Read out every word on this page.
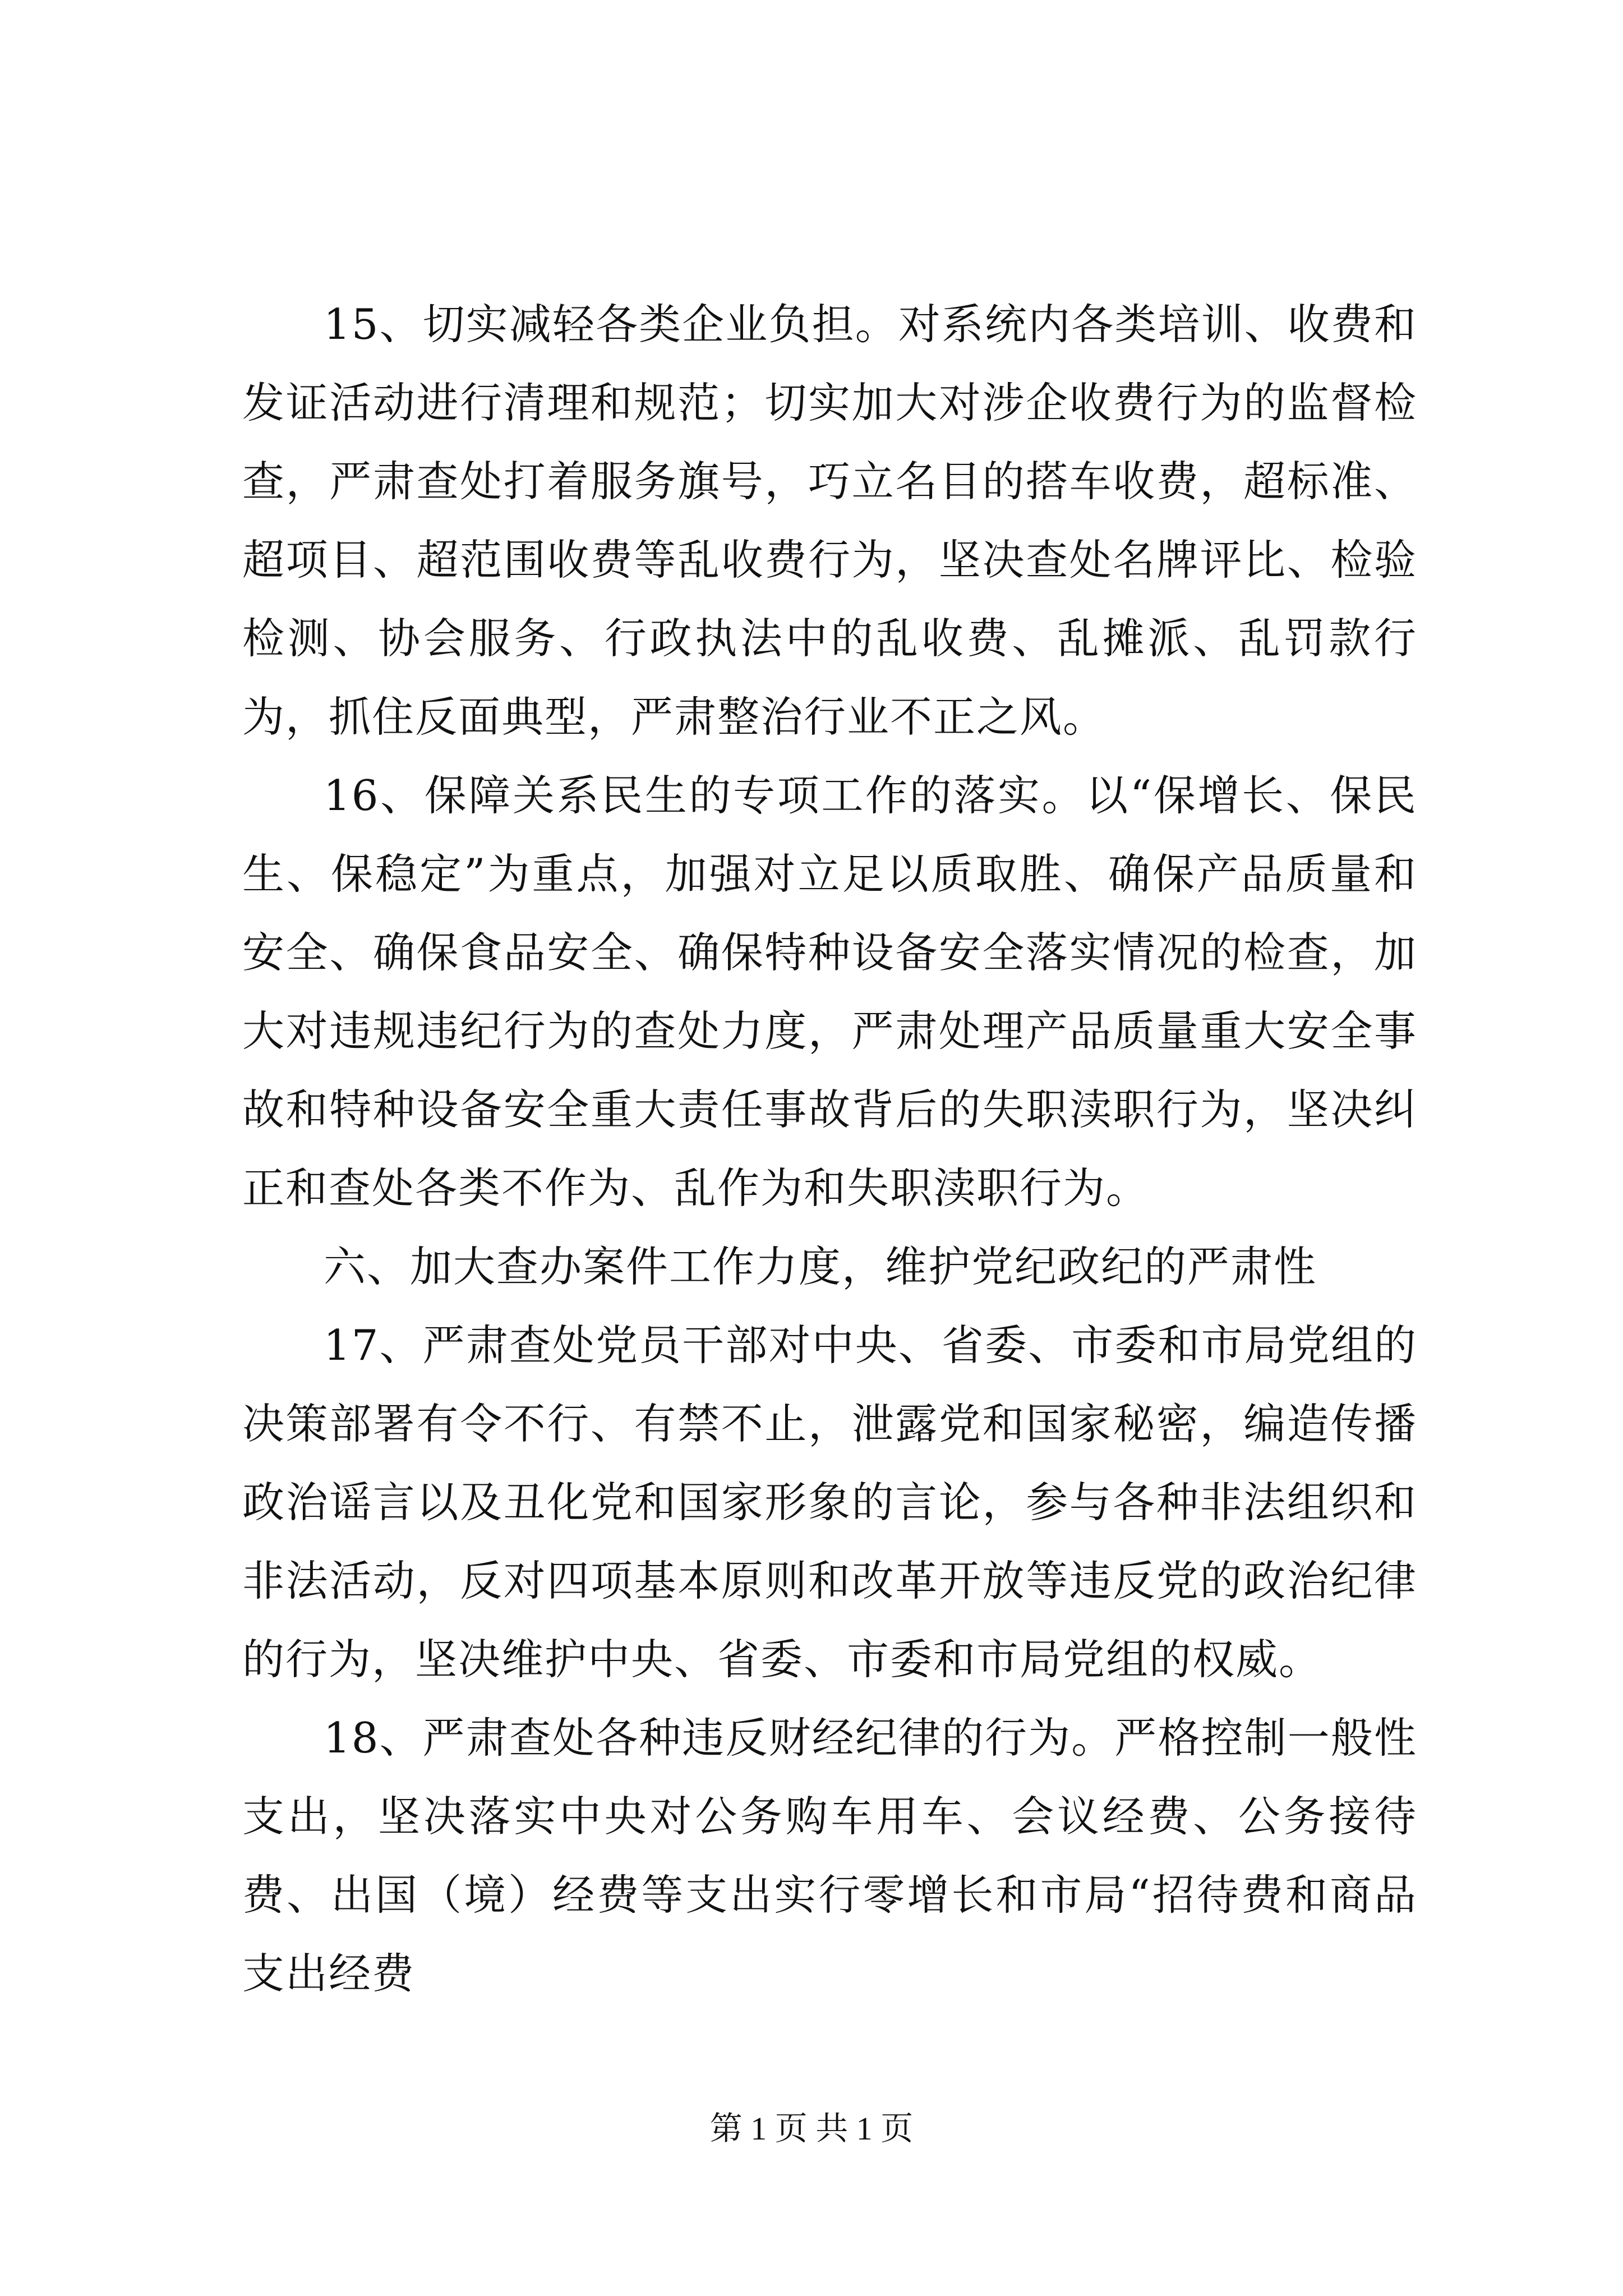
15、切实减轻各类企业负担。对系统内各类培训、收费和发证活动进行清理和规范；切实加大对涉企收费行为的监督检查，严肃查处打着服务旗号，巧立名目的搭车收费，超标准、超项目、超范围收费等乱收费行为，坚决查处名牌评比、检验检测、协会服务、行政执法中的乱收费、乱摊派、乱罚款行为，抓住反面典型，严肃整治行业不正之风。

16、保障关系民生的专项工作的落实。以“保增长、保民生、保稳定”为重点，加强对立足以质取胜、确保产品质量和安全、确保食品安全、确保特种设备安全落实情况的检查，加大对违规违纪行为的查处力度，严肃处理产品质量重大安全事故和特种设备安全重大责任事故背后的失职渎职行为，坚决纠正和查处各类不作为、乱作为和失职渎职行为。

六、加大查办案件工作力度，维护党纪政纪的严肃性

17、严肃查处党员干部对中央、省委、市委和市局党组的决策部署有令不行、有禁不止，泄露党和国家秘密，编造传播政治谣言以及丑化党和国家形象的言论，参与各种非法组织和非法活动，反对四项基本原则和改革开放等违反党的政治纪律的行为，坚决维护中央、省委、市委和市局党组的权威。

18、严肃查处各种违反财经纪律的行为。严格控制一般性支出，坚决落实中央对公务购车用车、会议经费、公务接待费、出国（境）经费等支出实行零增长和市局“招待费和商品支出经费

第 1 页 共 1 页
